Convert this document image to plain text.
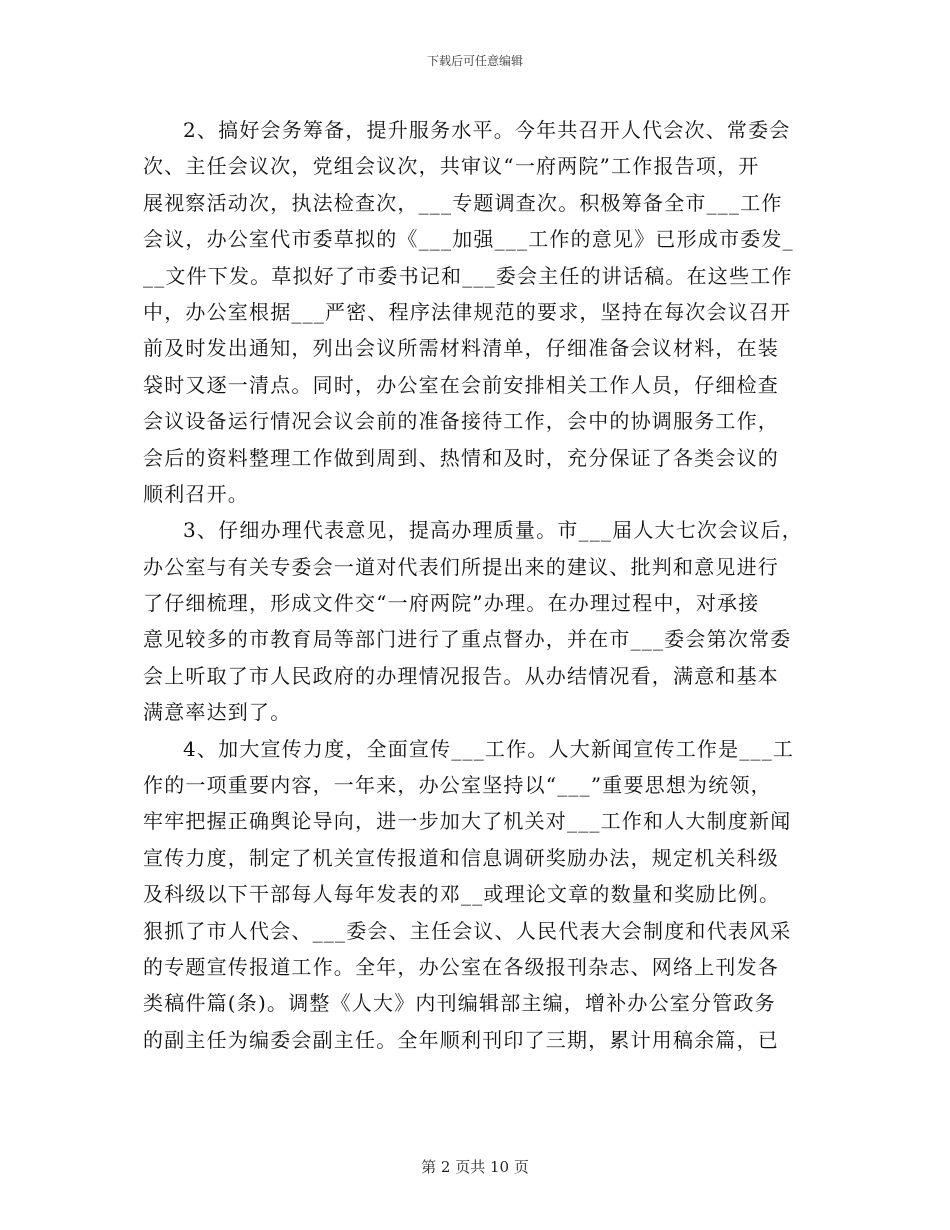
下载后可任意编辑
2、搞好会务筹备，提升服务水平。今年共召开人代会次、常委会
次、主任会议次，党组会议次，共审议“一府两院”工作报告项，开
展视察活动次，执法检查次，___专题调查次。积极筹备全市___工作
会议，办公室代市委草拟的《___加强___工作的意见》已形成市委发_
__文件下发。草拟好了市委书记和___委会主任的讲话稿。在这些工作
中，办公室根据___严密、程序法律规范的要求，坚持在每次会议召开
前及时发出通知，列出会议所需材料清单，仔细准备会议材料，在装
袋时又逐一清点。同时，办公室在会前安排相关工作人员，仔细检查
会议设备运行情况会议会前的准备接待工作，会中的协调服务工作，
会后的资料整理工作做到周到、热情和及时，充分保证了各类会议的
顺利召开。
3、仔细办理代表意见，提高办理质量。市___届人大七次会议后，
办公室与有关专委会一道对代表们所提出来的建议、批判和意见进行
了仔细梳理，形成文件交“一府两院”办理。在办理过程中，对承接
意见较多的市教育局等部门进行了重点督办，并在市___委会第次常委
会上听取了市人民政府的办理情况报告。从办结情况看，满意和基本
满意率达到了。
4、加大宣传力度，全面宣传___工作。人大新闻宣传工作是___工
作的一项重要内容，一年来，办公室坚持以“___”重要思想为统领，
牢牢把握正确舆论导向，进一步加大了机关对___工作和人大制度新闻
宣传力度，制定了机关宣传报道和信息调研奖励办法，规定机关科级
及科级以下干部每人每年发表的邓__或理论文章的数量和奖励比例。
狠抓了市人代会、___委会、主任会议、人民代表大会制度和代表风采
的专题宣传报道工作。全年，办公室在各级报刊杂志、网络上刊发各
类稿件篇(条)。调整《人大》内刊编辑部主编，增补办公室分管政务
的副主任为编委会副主任。全年顺利刊印了三期，累计用稿余篇，已
第 2 页共 10 页
